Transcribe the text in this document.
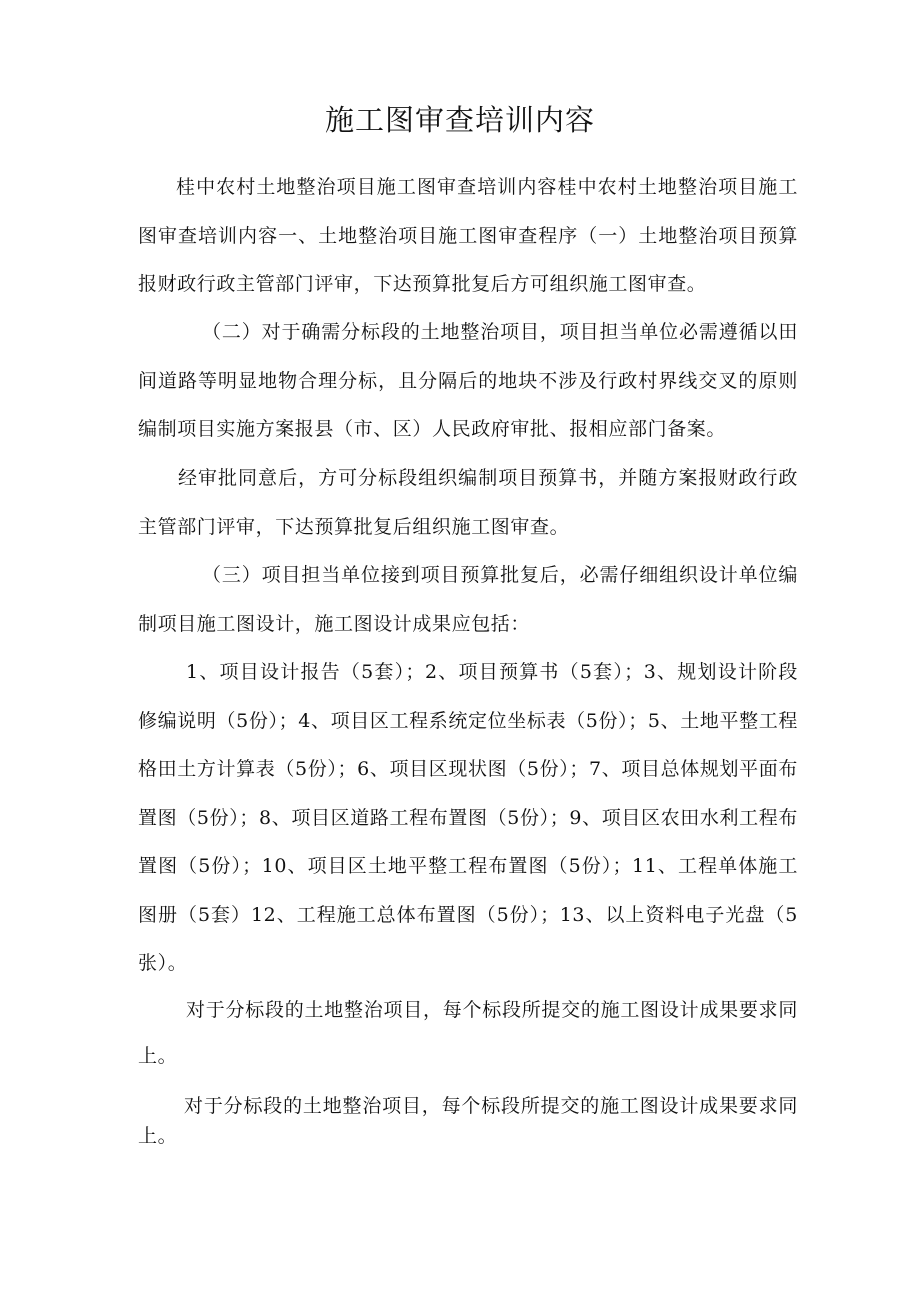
施工图审查培训内容

桂中农村土地整治项目施工图审查培训内容桂中农村土地整治项目施工图审查培训内容一、土地整治项目施工图审查程序（一）土地整治项目预算报财政行政主管部门评审，下达预算批复后方可组织施工图审查。

（二）对于确需分标段的土地整治项目，项目担当单位必需遵循以田间道路等明显地物合理分标，且分隔后的地块不涉及行政村界线交叉的原则编制项目实施方案报县（市、区）人民政府审批、报相应部门备案。

经审批同意后，方可分标段组织编制项目预算书，并随方案报财政行政主管部门评审，下达预算批复后组织施工图审查。

（三）项目担当单位接到项目预算批复后，必需仔细组织设计单位编制项目施工图设计，施工图设计成果应包括：

1、项目设计报告（5套）；2、项目预算书（5套）；3、规划设计阶段修编说明（5份）；4、项目区工程系统定位坐标表（5份）；5、土地平整工程格田土方计算表（5份）；6、项目区现状图（5份）；7、项目总体规划平面布置图（5份）；8、项目区道路工程布置图（5份）；9、项目区农田水利工程布置图（5份）；10、项目区土地平整工程布置图（5份）；11、工程单体施工图册（5套）12、工程施工总体布置图（5份）；13、以上资料电子光盘（5张）。

对于分标段的土地整治项目，每个标段所提交的施工图设计成果要求同上。

对于分标段的土地整治项目，每个标段所提交的施工图设计成果要求同上。
